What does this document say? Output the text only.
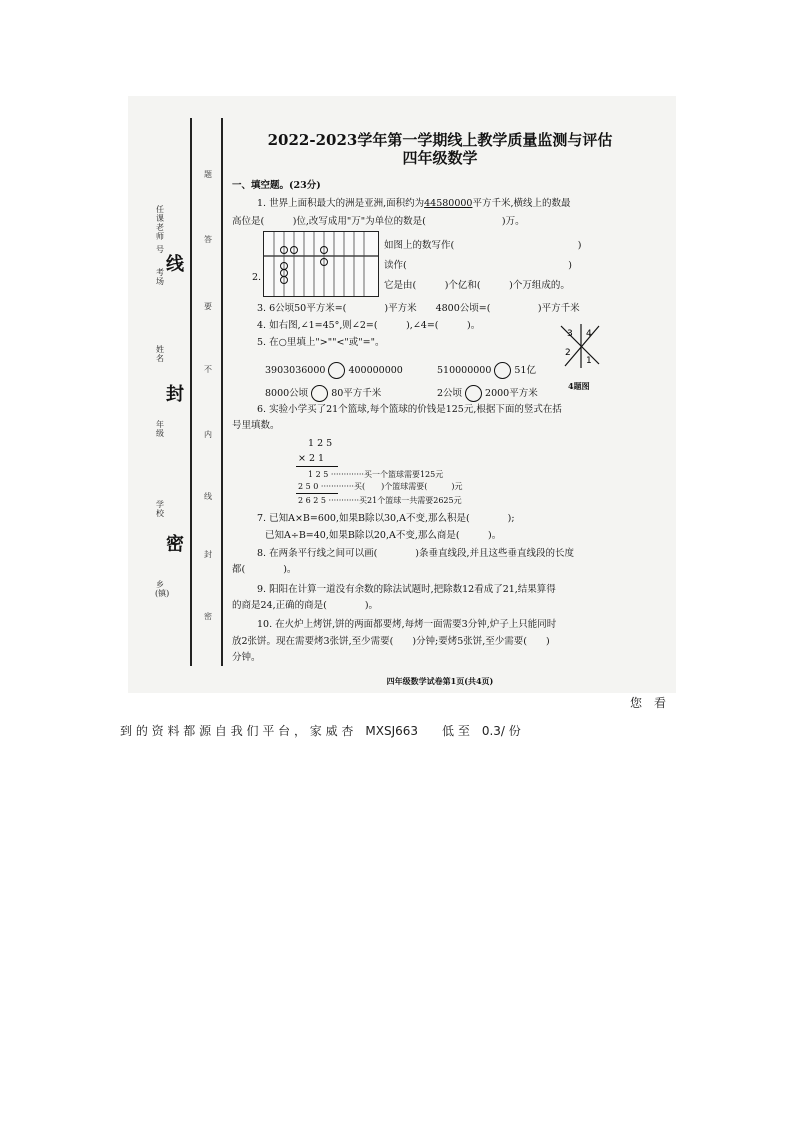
乡(镇)
学校
年级
姓名
考场
号
任课老师
密
封
线
题
答
要
不
内
线
封
密
2022-2023学年第一学期线上教学质量监测与评估
四年级数学
一、填空题。(23分)
1. 世界上面积最大的洲是亚洲,面积约为44580000平方千米,横线上的数最
高位是(　　　)位,改写成用"万"为单位的数是(　　　　　　　　)万。
2.
如图上的数写作(　　　　　　　　　　　　　)
读作(　　　　　　　　　　　　　　　　　)
它是由(　　　)个亿和(　　　)个万组成的。
3. 6公顷50平方米=(　　　　)平方米　　4800公顷=(　　　　　)平方千米
4. 如右图,∠1=45°,则∠2=(　　　),∠4=(　　　)。
5. 在○里填上">""<"或"="。
3 4
2
1
4题图
3903036000 400000000	510000000 51亿
8000公顷 80平方千米	2公顷 2000平方米
6. 实验小学买了21个篮球,每个篮球的价钱是125元,根据下面的竖式在括
号里填数。
1 2 5
× 2 1
1 2 5 ·············买一个篮球需要125元
2 5 0 ·············买(　　)个篮球需要(　　　)元
2 6 2 5 ············买21个篮球一共需要2625元
7. 已知A×B=600,如果B除以30,A不变,那么积是(　　　　);
已知A÷B=40,如果B除以20,A不变,那么商是(　　　)。
8. 在两条平行线之间可以画(　　　　)条垂直线段,并且这些垂直线段的长度
都(　　　　)。
9. 阳阳在计算一道没有余数的除法试题时,把除数12看成了21,结果算得
的商是24,正确的商是(　　　　)。
10. 在火炉上烤饼,饼的两面都要烤,每烤一面需要3分钟,炉子上只能同时
放2张饼。现在需要烤3张饼,至少需要(　　)分钟;要烤5张饼,至少需要(　　)
分钟。
四年级数学试卷第1页(共4页)
您　看
到 的 资 料 都 源 自 我 们 平 台 ， 家 威 杏　MXSJ663　　低 至　0.3/ 份
